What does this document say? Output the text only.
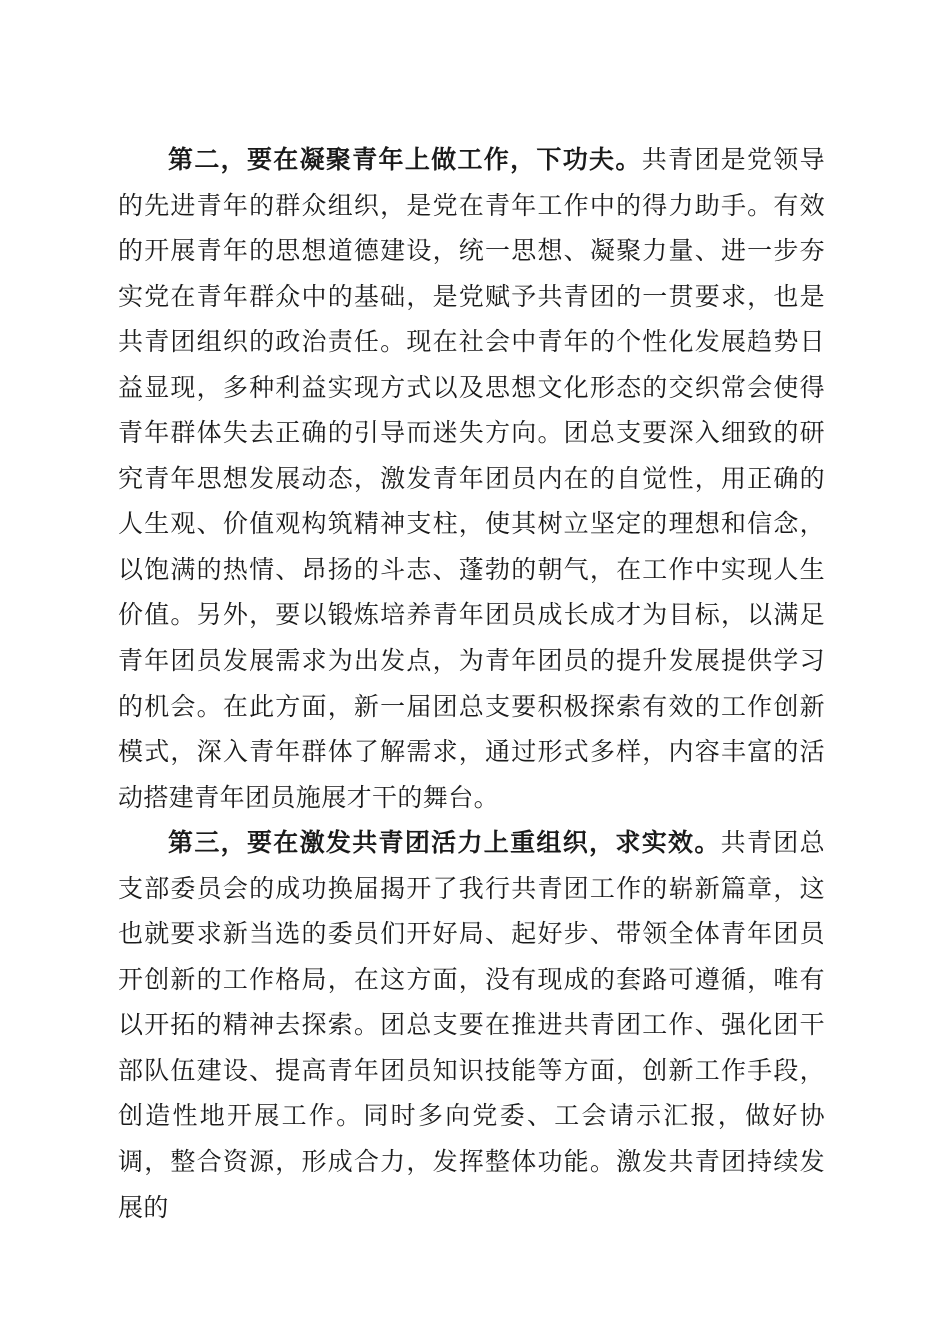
第二，要在凝聚青年上做工作，下功夫。共青团是党领导的先进青年的群众组织，是党在青年工作中的得力助手。有效的开展青年的思想道德建设，统一思想、凝聚力量、进一步夯实党在青年群众中的基础，是党赋予共青团的一贯要求，也是共青团组织的政治责任。现在社会中青年的个性化发展趋势日益显现，多种利益实现方式以及思想文化形态的交织常会使得青年群体失去正确的引导而迷失方向。团总支要深入细致的研究青年思想发展动态，激发青年团员内在的自觉性，用正确的人生观、价值观构筑精神支柱，使其树立坚定的理想和信念，以饱满的热情、昂扬的斗志、蓬勃的朝气，在工作中实现人生价值。另外，要以锻炼培养青年团员成长成才为目标，以满足青年团员发展需求为出发点，为青年团员的提升发展提供学习的机会。在此方面，新一届团总支要积极探索有效的工作创新模式，深入青年群体了解需求，通过形式多样，内容丰富的活动搭建青年团员施展才干的舞台。

第三，要在激发共青团活力上重组织，求实效。共青团总支部委员会的成功换届揭开了我行共青团工作的崭新篇章，这也就要求新当选的委员们开好局、起好步、带领全体青年团员开创新的工作格局，在这方面，没有现成的套路可遵循，唯有以开拓的精神去探索。团总支要在推进共青团工作、强化团干部队伍建设、提高青年团员知识技能等方面，创新工作手段，创造性地开展工作。同时多向党委、工会请示汇报，做好协调，整合资源，形成合力，发挥整体功能。激发共青团持续发展的
